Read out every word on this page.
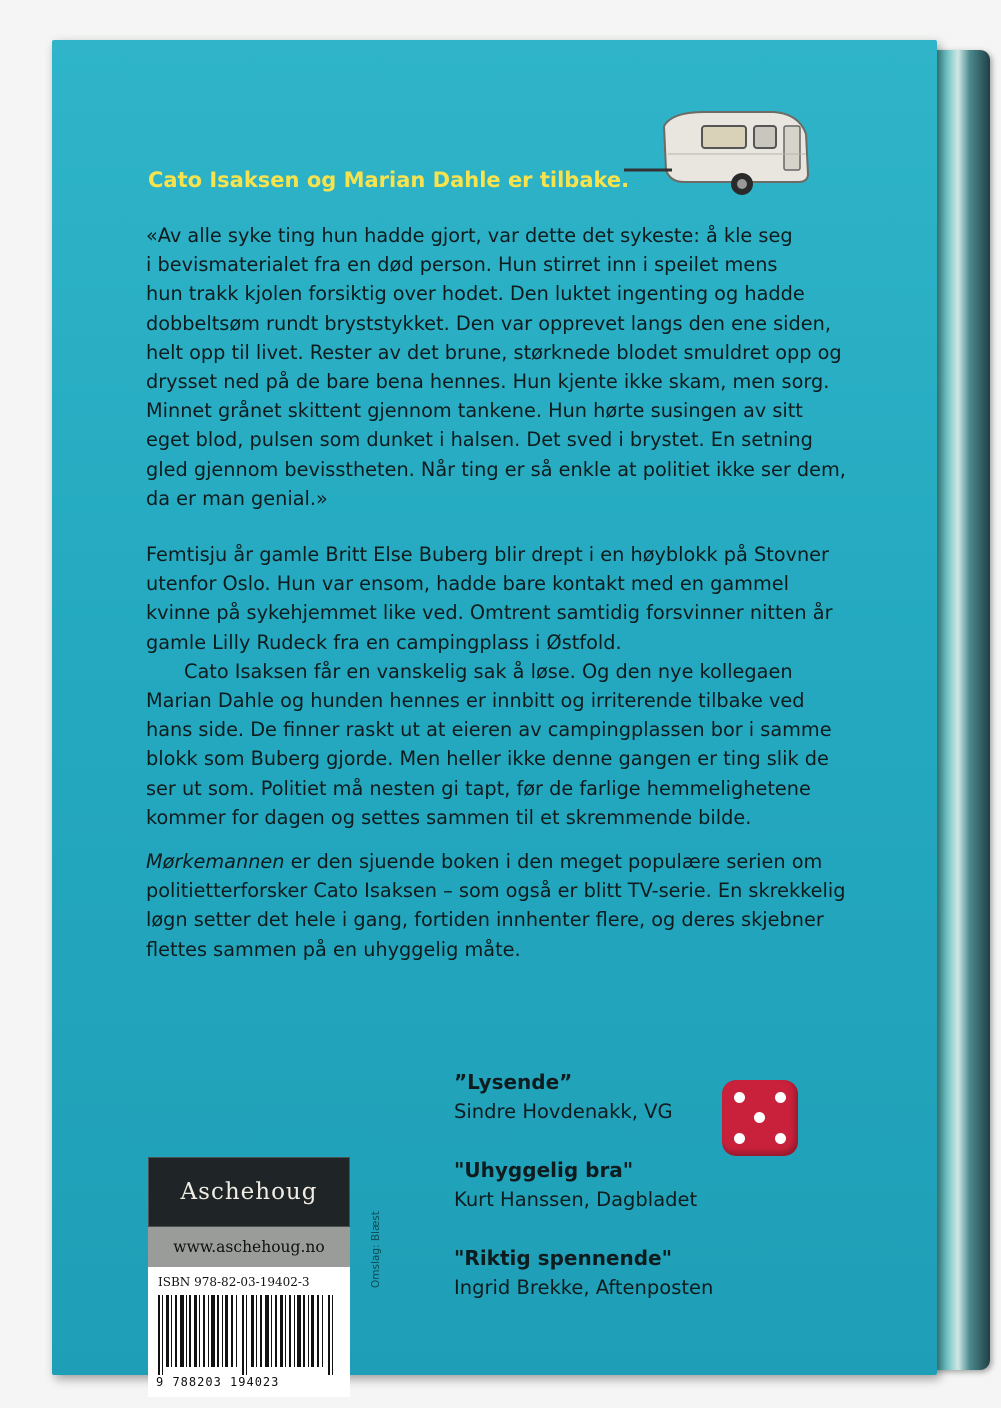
Cato Isaksen og Marian Dahle er tilbake.

«Av alle syke ting hun hadde gjort, var dette det sykeste: å kle seg

i bevismaterialet fra en død person. Hun stirret inn i speilet mens

hun trakk kjolen forsiktig over hodet. Den luktet ingenting og hadde

dobbeltsøm rundt bryststykket. Den var opprevet langs den ene siden,

helt opp til livet. Rester av det brune, størknede blodet smuldret opp og

drysset ned på de bare bena hennes. Hun kjente ikke skam, men sorg.

Minnet grånet skittent gjennom tankene. Hun hørte susingen av sitt

eget blod, pulsen som dunket i halsen. Det sved i brystet. En setning

gled gjennom bevisstheten. Når ting er så enkle at politiet ikke ser dem,

da er man genial.»

Femtisju år gamle Britt Else Buberg blir drept i en høyblokk på Stovner

utenfor Oslo. Hun var ensom, hadde bare kontakt med en gammel

kvinne på sykehjemmet like ved. Omtrent samtidig forsvinner nitten år

gamle Lilly Rudeck fra en campingplass i Østfold.

Cato Isaksen får en vanskelig sak å løse. Og den nye kollegaen

Marian Dahle og hunden hennes er innbitt og irriterende tilbake ved

hans side. De finner raskt ut at eieren av campingplassen bor i samme

blokk som Buberg gjorde. Men heller ikke denne gangen er ting slik de

ser ut som. Politiet må nesten gi tapt, før de farlige hemmelighetene

kommer for dagen og settes sammen til et skremmende bilde.

Mørkemannen er den sjuende boken i den meget populære serien om

politietterforsker Cato Isaksen – som også er blitt TV-serie. En skrekkelig

løgn setter det hele i gang, fortiden innhenter flere, og deres skjebner

flettes sammen på en uhyggelig måte.

”Lysende”
Sindre Hovdenakk, VG
"Uhyggelig bra"
Kurt Hanssen, Dagbladet
"Riktig spennende"
Ingrid Brekke, Aftenposten
Aschehoug
www.aschehoug.no
ISBN 978-82-03-19402-3
9 788203 194023
Omslag: Blæst
